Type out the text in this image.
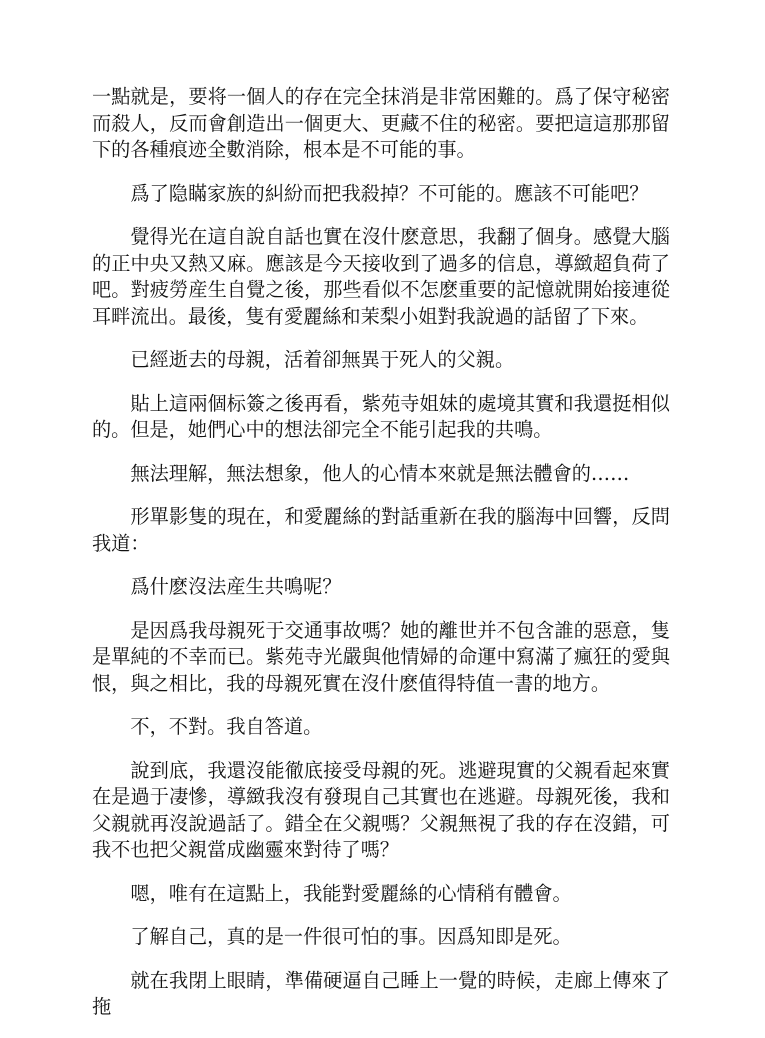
一點就是，要将一個人的存在完全抹消是非常困難的。爲了保守秘密而殺人，反而會創造出一個更大、更藏不住的秘密。要把這這那那留下的各種痕迹全數消除，根本是不可能的事。

爲了隐瞞家族的糾紛而把我殺掉？不可能的。應該不可能吧？

覺得光在這自說自話也實在沒什麽意思，我翻了個身。感覺大腦的正中央又熱又麻。應該是今天接收到了過多的信息，導緻超負荷了吧。對疲勞産生自覺之後，那些看似不怎麽重要的記憶就開始接連從耳畔流出。最後，隻有愛麗絲和茉梨小姐對我說過的話留了下來。

已經逝去的母親，活着卻無異于死人的父親。

貼上這兩個标簽之後再看，紫苑寺姐妹的處境其實和我還挺相似的。但是，她們心中的想法卻完全不能引起我的共鳴。

無法理解，無法想象，他人的心情本來就是無法體會的……

形單影隻的現在，和愛麗絲的對話重新在我的腦海中回響，反問我道：

爲什麽沒法産生共鳴呢？

是因爲我母親死于交通事故嗎？她的離世并不包含誰的惡意，隻是單純的不幸而已。紫苑寺光嚴與他情婦的命運中寫滿了瘋狂的愛與恨，與之相比，我的母親死實在沒什麽值得特值一書的地方。

不，不對。我自答道。

說到底，我還沒能徹底接受母親的死。逃避現實的父親看起來實在是過于凄慘，導緻我沒有發現自己其實也在逃避。母親死後，我和父親就再沒說過話了。錯全在父親嗎？父親無視了我的存在沒錯，可我不也把父親當成幽靈來對待了嗎？

嗯，唯有在這點上，我能對愛麗絲的心情稍有體會。

了解自己，真的是一件很可怕的事。因爲知即是死。

就在我閉上眼睛，準備硬逼自己睡上一覺的時候，走廊上傳來了拖
